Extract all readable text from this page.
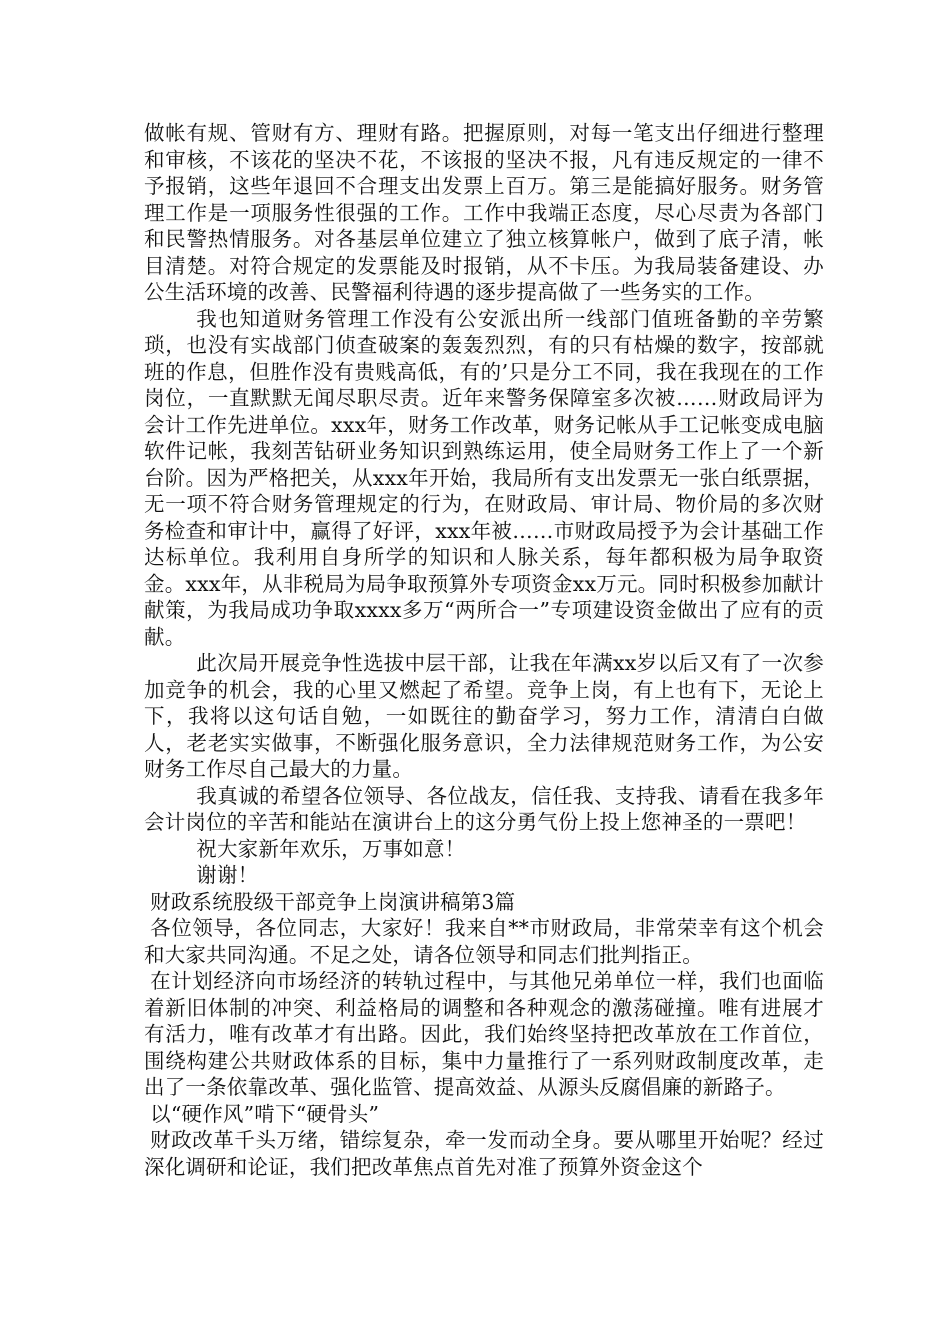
做帐有规、管财有方、理财有路。把握原则，对每一笔支出仔细进行整理和审核，不该花的坚决不花，不该报的坚决不报，凡有违反规定的一律不予报销，这些年退回不合理支出发票上百万。第三是能搞好服务。财务管理工作是一项服务性很强的工作。工作中我端正态度，尽心尽责为各部门和民警热情服务。对各基层单位建立了独立核算帐户，做到了底子清，帐目清楚。对符合规定的发票能及时报销，从不卡压。为我局装备建设、办公生活环境的改善、民警福利待遇的逐步提高做了一些务实的工作。

我也知道财务管理工作没有公安派出所一线部门值班备勤的辛劳繁琐，也没有实战部门侦查破案的轰轰烈烈，有的只有枯燥的数字，按部就班的作息，但胜作没有贵贱高低，有的’只是分工不同，我在我现在的工作岗位，一直默默无闻尽职尽责。近年来警务保障室多次被……财政局评为会计工作先进单位。xxx年，财务工作改革，财务记帐从手工记帐变成电脑软件记帐，我刻苦钻研业务知识到熟练运用，使全局财务工作上了一个新台阶。因为严格把关，从xxx年开始，我局所有支出发票无一张白纸票据，无一项不符合财务管理规定的行为，在财政局、审计局、物价局的多次财务检查和审计中，赢得了好评，xxx年被……市财政局授予为会计基础工作达标单位。我利用自身所学的知识和人脉关系，每年都积极为局争取资金。xxx年，从非税局为局争取预算外专项资金xx万元。同时积极参加献计献策，为我局成功争取xxxx多万“两所合一”专项建设资金做出了应有的贡献。

此次局开展竞争性选拔中层干部，让我在年满xx岁以后又有了一次参加竞争的机会，我的心里又燃起了希望。竞争上岗，有上也有下，无论上下，我将以这句话自勉，一如既往的勤奋学习，努力工作，清清白白做人，老老实实做事，不断强化服务意识，全力法律规范财务工作，为公安财务工作尽自己最大的力量。

我真诚的希望各位领导、各位战友，信任我、支持我、请看在我多年会计岗位的辛苦和能站在演讲台上的这分勇气份上投上您神圣的一票吧！

祝大家新年欢乐，万事如意！

谢谢！

财政系统股级干部竞争上岗演讲稿第3篇

各位领导，各位同志，大家好！我来自**市财政局，非常荣幸有这个机会和大家共同沟通。不足之处，请各位领导和同志们批判指正。

在计划经济向市场经济的转轨过程中，与其他兄弟单位一样，我们也面临着新旧体制的冲突、利益格局的调整和各种观念的激荡碰撞。唯有进展才有活力，唯有改革才有出路。因此，我们始终坚持把改革放在工作首位，围绕构建公共财政体系的目标，集中力量推行了一系列财政制度改革，走出了一条依靠改革、强化监管、提高效益、从源头反腐倡廉的新路子。

以“硬作风”啃下“硬骨头”

财政改革千头万绪，错综复杂，牵一发而动全身。要从哪里开始呢？经过深化调研和论证，我们把改革焦点首先对准了预算外资金这个
